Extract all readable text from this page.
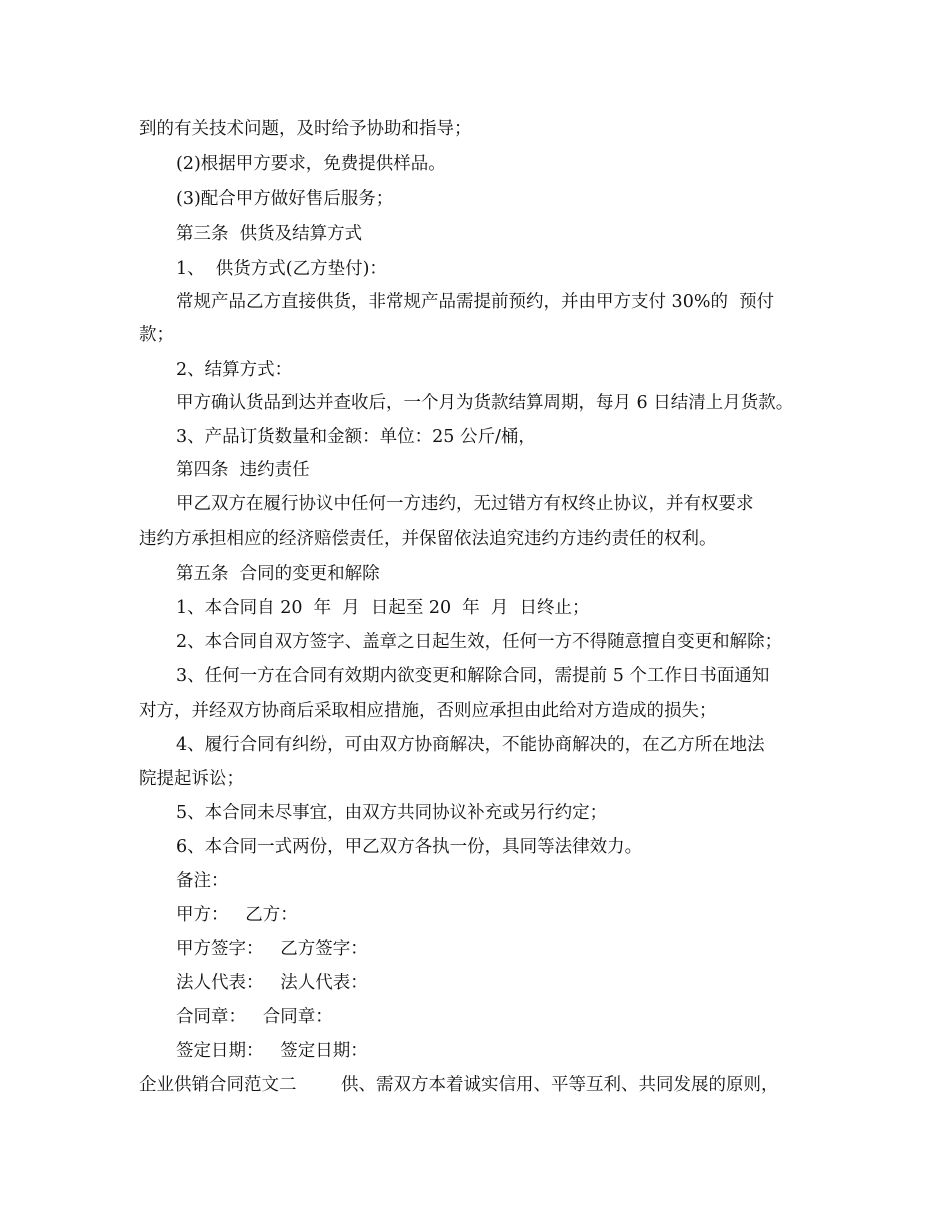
到的有关技术问题，及时给予协助和指导；
(2)根据甲方要求，免费提供样品。
(3)配合甲方做好售后服务；
第三条  供货及结算方式
1、  供货方式(乙方垫付)：
常规产品乙方直接供货，非常规产品需提前预约，并由甲方支付 30%的  预付
款；
2、结算方式：
甲方确认货品到达并查收后，一个月为货款结算周期，每月 6 日结清上月货款。
3、产品订货数量和金额：单位：25 公斤/桶，
第四条  违约责任
甲乙双方在履行协议中任何一方违约，无过错方有权终止协议，并有权要求
违约方承担相应的经济赔偿责任，并保留依法追究违约方违约责任的权利。
第五条  合同的变更和解除
1、本合同自 20  年  月  日起至 20  年  月  日终止；
2、本合同自双方签字、盖章之日起生效，任何一方不得随意擅自变更和解除；
3、任何一方在合同有效期内欲变更和解除合同，需提前 5 个工作日书面通知
对方，并经双方协商后采取相应措施，否则应承担由此给对方造成的损失；
4、履行合同有纠纷，可由双方协商解决，不能协商解决的，在乙方所在地法
院提起诉讼；
5、本合同未尽事宜，由双方共同协议补充或另行约定；
6、本合同一式两份，甲乙双方各执一份，具同等法律效力。
备注：
甲方：   乙方：
甲方签字：   乙方签字：
法人代表：   法人代表：
合同章：   合同章：
签定日期：   签定日期：
企业供销合同范文二        供、需双方本着诚实信用、平等互利、共同发展的原则，
